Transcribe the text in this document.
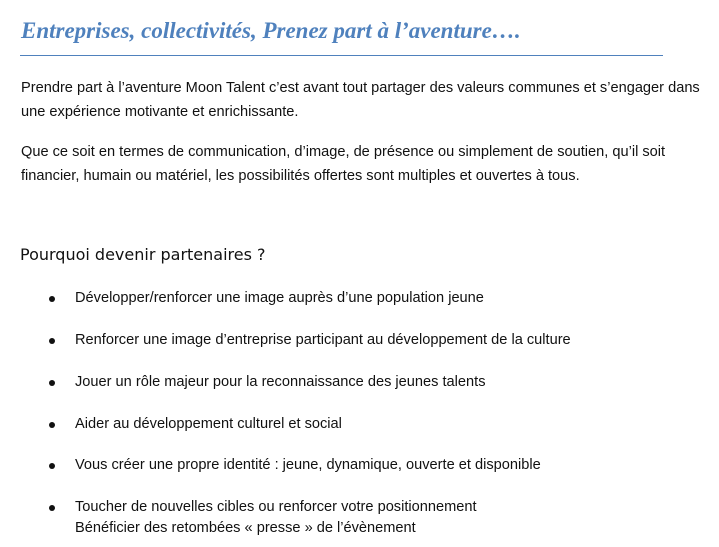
Entreprises, collectivités, Prenez part à l’aventure….

Prendre part à l’aventure Moon Talent c’est avant tout partager des valeurs communes et s’engager dans une expérience motivante et enrichissante.

Que ce soit en termes de communication, d’image, de présence ou simplement de soutien, qu’il soit financier, humain ou matériel, les possibilités offertes sont multiples et ouvertes à tous.

Pourquoi devenir partenaires ?
Développer/renforcer une image auprès d’une population jeune
Renforcer une image d’entreprise participant au développement de la culture
Jouer un rôle majeur pour la reconnaissance des jeunes talents
Aider au développement culturel et social
Vous créer une propre identité : jeune, dynamique, ouverte et disponible
Toucher de nouvelles cibles ou renforcer votre positionnement
Bénéficier des retombées « presse » de l’évènement
